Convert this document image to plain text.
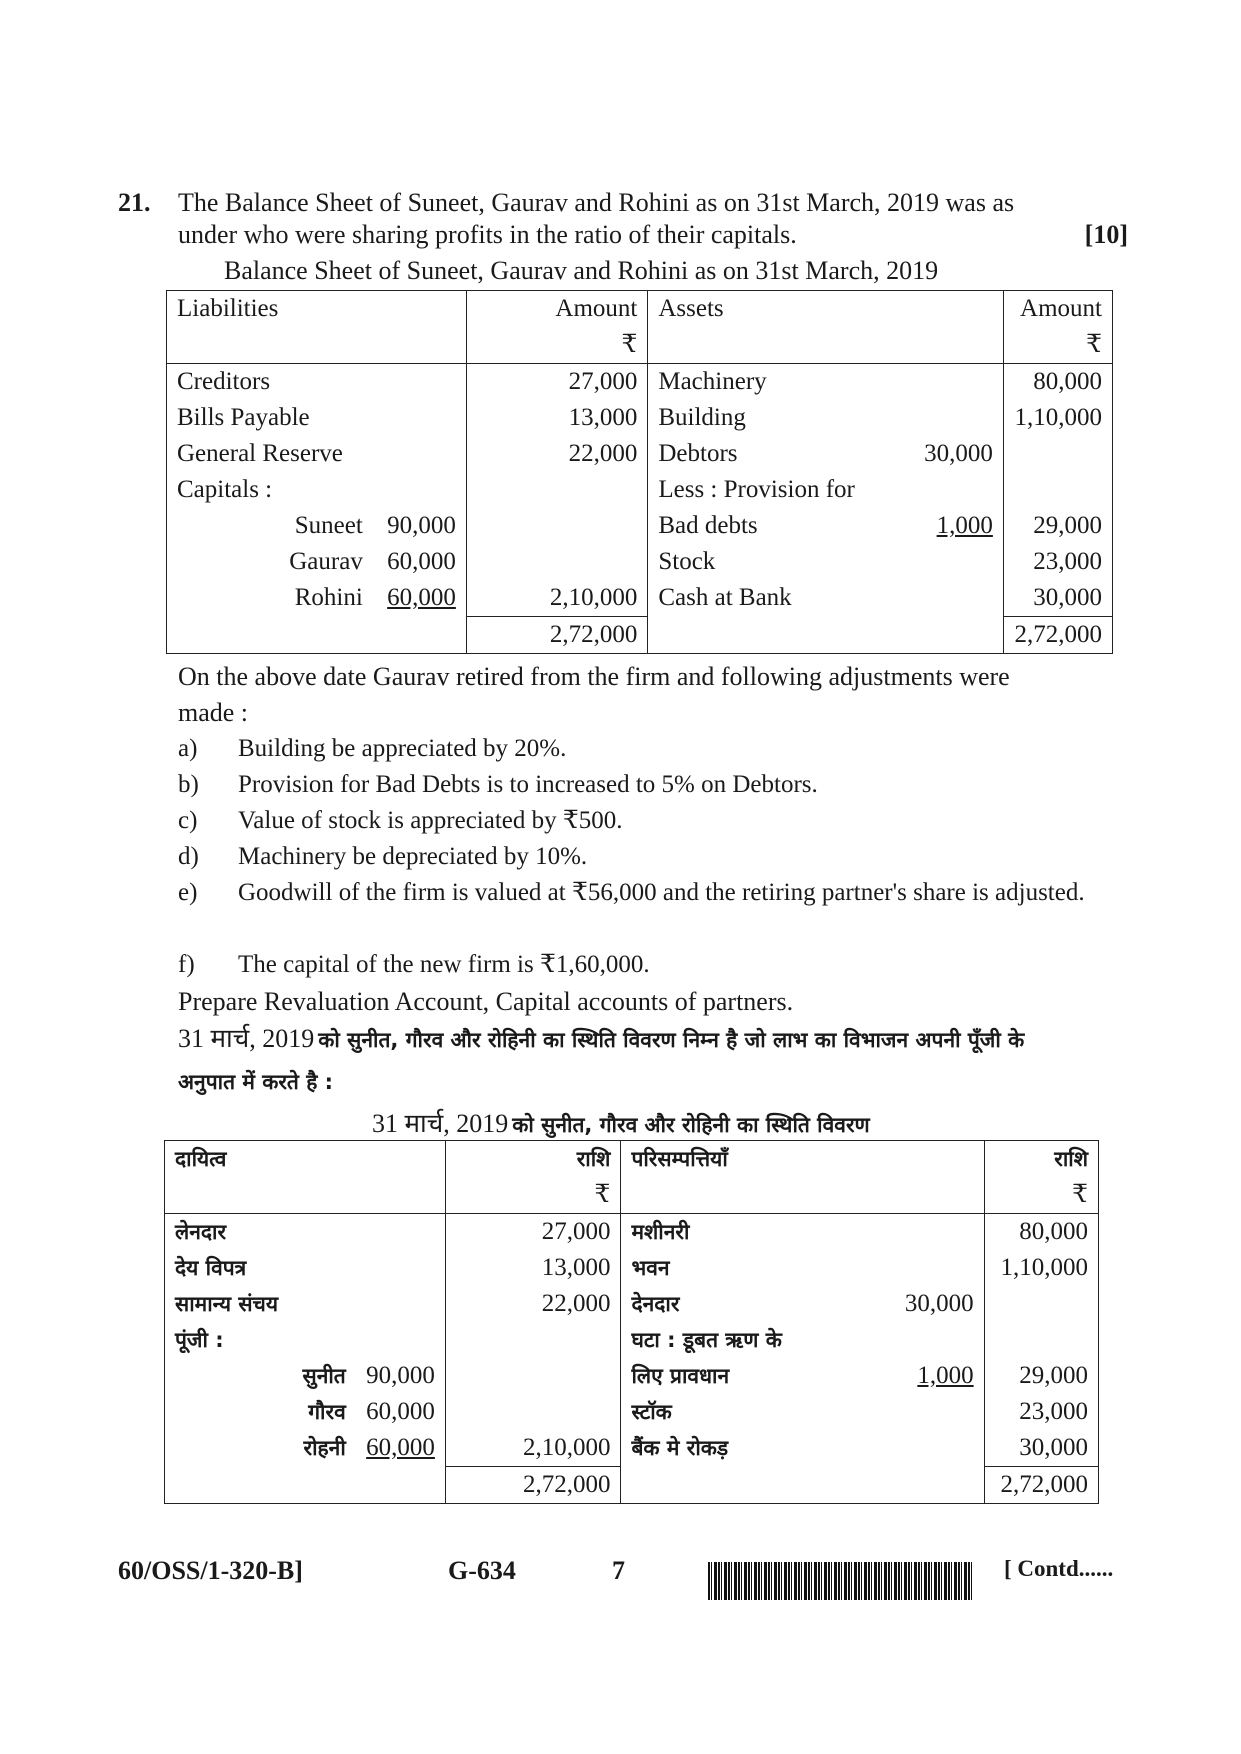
21. The Balance Sheet of Suneet, Gaurav and Rohini as on 31st March, 2019 was as
under who were sharing profits in the ratio of their capitals.	[10]
Balance Sheet of Suneet, Gaurav and Rohini as on 31st March, 2019
Liabilities		Amount	Assets		Amount
		₹			₹
Creditors		27,000	Machinery		80,000
Bills Payable		13,000	Building		1,10,000
General Reserve		22,000	Debtors	30,000	
Capitals :			Less : Provision for		
Suneet	90,000		Bad debts	1,000	29,000
Gaurav	60,000		Stock		23,000
Rohini	60,000	2,10,000	Cash at Bank		30,000
		2,72,000			2,72,000
On the above date Gaurav retired from the firm and following adjustments were
made :
a) Building be appreciated by 20%.
b) Provision for Bad Debts is to increased to 5% on Debtors.
c) Value of stock is appreciated by ₹500.
d) Machinery be depreciated by 10%.
e) Goodwill of the firm is valued at ₹56,000 and the retiring partner's share is adjusted.
f) The capital of the new firm is ₹1,60,000.
Prepare Revaluation Account, Capital accounts of partners.
31 मार्च, 2019 को सुनीत, गौरव और रोहिनी का स्थिति विवरण निम्न है जो लाभ का विभाजन अपनी पूँजी के
अनुपात में करते है :
31 मार्च, 2019 को सुनीत, गौरव और रोहिनी का स्थिति विवरण
दायित्व		राशि	परिसम्पत्तियाँ		राशि
		₹			₹
लेनदार		27,000	मशीनरी		80,000
देय विपत्र		13,000	भवन		1,10,000
सामान्य संचय		22,000	देनदार	30,000	
पूंजी :			घटा : डूबत ऋण के		
सुनीत	90,000		लिए प्रावधान	1,000	29,000
गौरव	60,000		स्टॉक		23,000
रोहनी	60,000	2,10,000	बैंक मे रोकड़		30,000
		2,72,000			2,72,000
60/OSS/1-320-B]	G-634	7	[ Contd......
